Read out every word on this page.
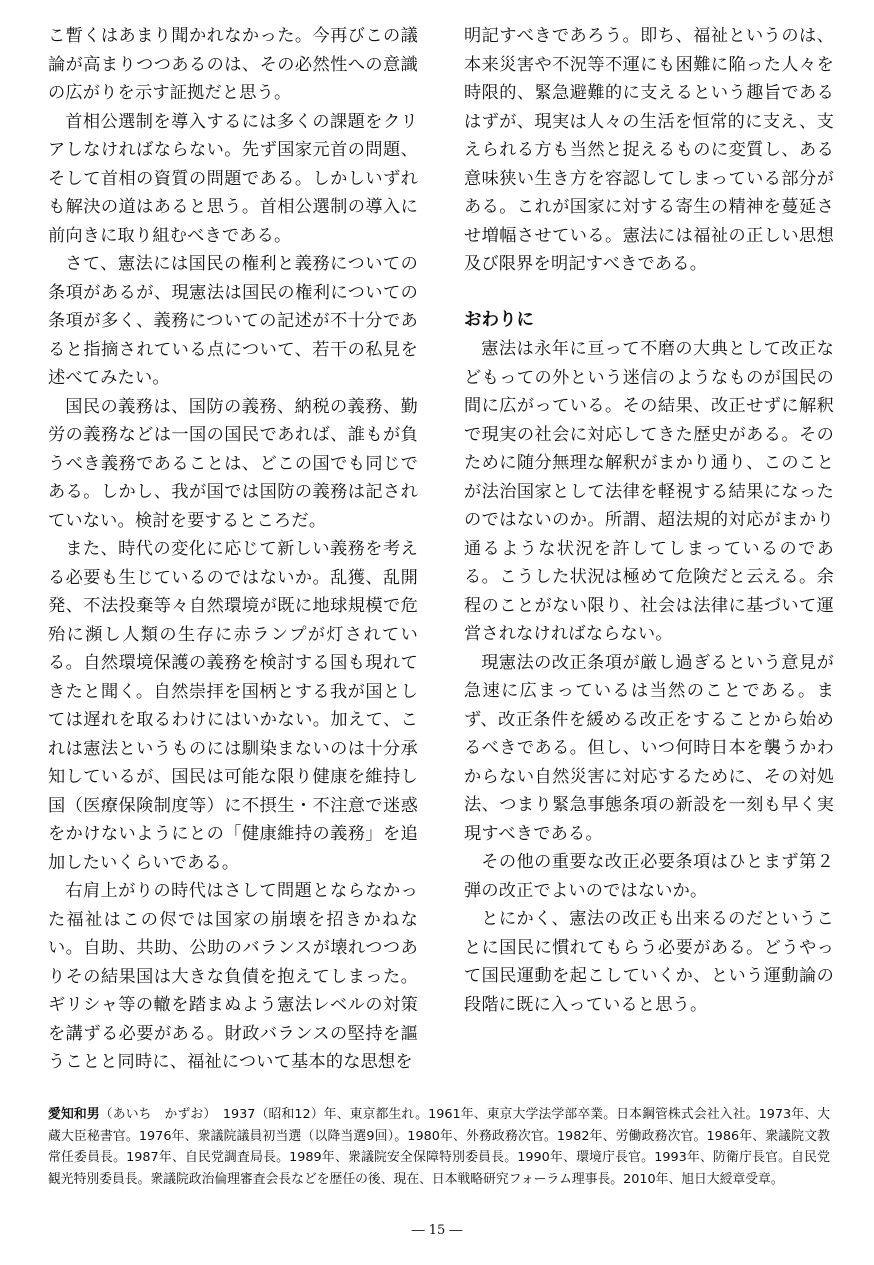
こ暫くはあまり聞かれなかった。今再びこの議論が高まりつつあるのは、その必然性への意識の広がりを示す証拠だと思う。

首相公選制を導入するには多くの課題をクリアしなければならない。先ず国家元首の問題、そして首相の資質の問題である。しかしいずれも解決の道はあると思う。首相公選制の導入に前向きに取り組むべきである。

さて、憲法には国民の権利と義務についての条項があるが、現憲法は国民の権利についての条項が多く、義務についての記述が不十分であると指摘されている点について、若干の私見を述べてみたい。

国民の義務は、国防の義務、納税の義務、勤労の義務などは一国の国民であれば、誰もが負うべき義務であることは、どこの国でも同じである。しかし、我が国では国防の義務は記されていない。検討を要するところだ。

また、時代の変化に応じて新しい義務を考える必要も生じているのではないか。乱獲、乱開発、不法投棄等々自然環境が既に地球規模で危殆に瀕し人類の生存に赤ランプが灯されている。自然環境保護の義務を検討する国も現れてきたと聞く。自然崇拝を国柄とする我が国としては遅れを取るわけにはいかない。加えて、これは憲法というものには馴染まないのは十分承知しているが、国民は可能な限り健康を維持し国（医療保険制度等）に不摂生・不注意で迷惑をかけないようにとの「健康維持の義務」を追加したいくらいである。

右肩上がりの時代はさして問題とならなかった福祉はこの侭では国家の崩壊を招きかねない。自助、共助、公助のバランスが壊れつつありその結果国は大きな負債を抱えてしまった。ギリシャ等の轍を踏まぬよう憲法レベルの対策を講ずる必要がある。財政バランスの堅持を謳うことと同時に、福祉について基本的な思想を

明記すべきであろう。即ち、福祉というのは、本来災害や不況等不運にも困難に陥った人々を時限的、緊急避難的に支えるという趣旨であるはずが、現実は人々の生活を恒常的に支え、支えられる方も当然と捉えるものに変質し、ある意味狭い生き方を容認してしまっている部分がある。これが国家に対する寄生の精神を蔓延させ増幅させている。憲法には福祉の正しい思想及び限界を明記すべきである。

おわりに

憲法は永年に亘って不磨の大典として改正などもっての外という迷信のようなものが国民の間に広がっている。その結果、改正せずに解釈で現実の社会に対応してきた歴史がある。そのために随分無理な解釈がまかり通り、このことが法治国家として法律を軽視する結果になったのではないのか。所謂、超法規的対応がまかり通るような状況を許してしまっているのである。こうした状況は極めて危険だと云える。余程のことがない限り、社会は法律に基づいて運営されなければならない。

現憲法の改正条項が厳し過ぎるという意見が急速に広まっているは当然のことである。まず、改正条件を緩める改正をすることから始めるべきである。但し、いつ何時日本を襲うかわからない自然災害に対応するために、その対処法、つまり緊急事態条項の新設を一刻も早く実現すべきである。

その他の重要な改正必要条項はひとまず第２弾の改正でよいのではないか。

とにかく、憲法の改正も出来るのだということに国民に慣れてもらう必要がある。どうやって国民運動を起こしていくか、という運動論の段階に既に入っていると思う。

愛知和男（あいち　かずお）　1937（昭和12）年、東京都生れ。1961年、東京大学法学部卒業。日本鋼管株式会社入社。1973年、大蔵大臣秘書官。1976年、衆議院議員初当選（以降当選9回）。1980年、外務政務次官。1982年、労働政務次官。1986年、衆議院文教常任委員長。1987年、自民党調査局長。1989年、衆議院安全保障特別委員長。1990年、環境庁長官。1993年、防衛庁長官。自民党観光特別委員長。衆議院政治倫理審査会長などを歴任の後、現在、日本戦略研究フォーラム理事長。2010年、旭日大綬章受章。

― 15 ―
